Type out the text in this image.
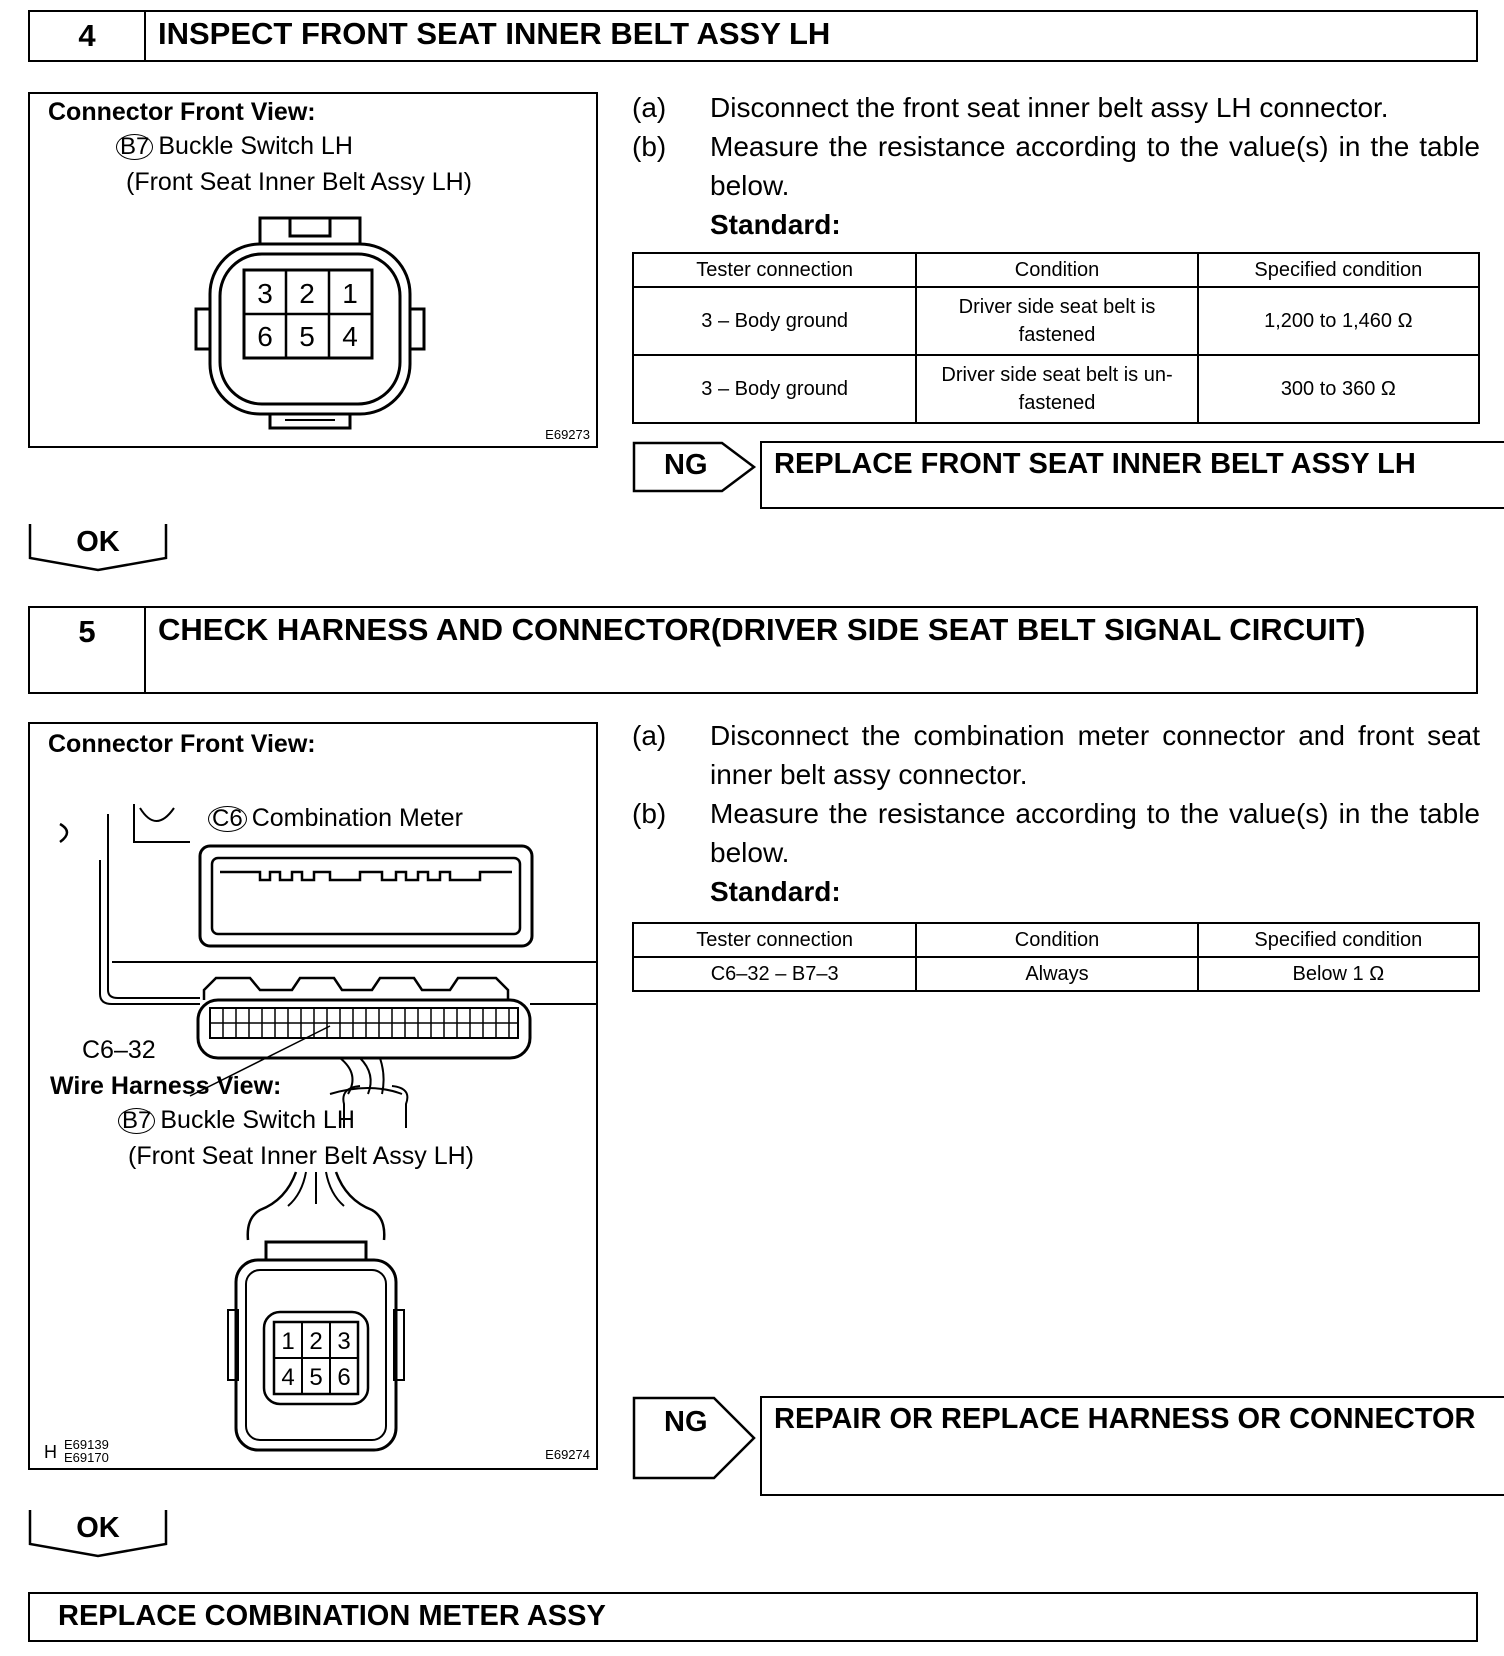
4	INSPECT FRONT SEAT INNER BELT ASSY LH
Connector Front View:
B7 Buckle Switch LH
(Front Seat Inner Belt Assy LH)
3 2 1
6 5 4
E69273
(a)	Disconnect the front seat inner belt assy LH connector.
(b)	Measure the resistance according to the value(s) in the table below.
Standard:
Tester connection	Condition	Specified condition
3 – Body ground	Driver side seat belt is fastened	1,200 to 1,460 Ω
3 – Body ground	Driver side seat belt is un-fastened	300 to 360 Ω
NG	REPLACE FRONT SEAT INNER BELT ASSY LH
OK
5	CHECK HARNESS AND CONNECTOR(DRIVER SIDE SEAT BELT SIGNAL CIRCUIT)
Connector Front View:
C6 Combination Meter
C6–32
Wire Harness View:
B7 Buckle Switch LH
(Front Seat Inner Belt Assy LH)
1 2 3
4 5 6
H E69139
E69170	E69274
(a)	Disconnect the combination meter connector and front seat inner belt assy connector.
(b)	Measure the resistance according to the value(s) in the table below.
Standard:
Tester connection	Condition	Specified condition
C6–32 – B7–3	Always	Below 1 Ω
NG	REPAIR OR REPLACE HARNESS OR CONNECTOR
OK
REPLACE COMBINATION METER ASSY
